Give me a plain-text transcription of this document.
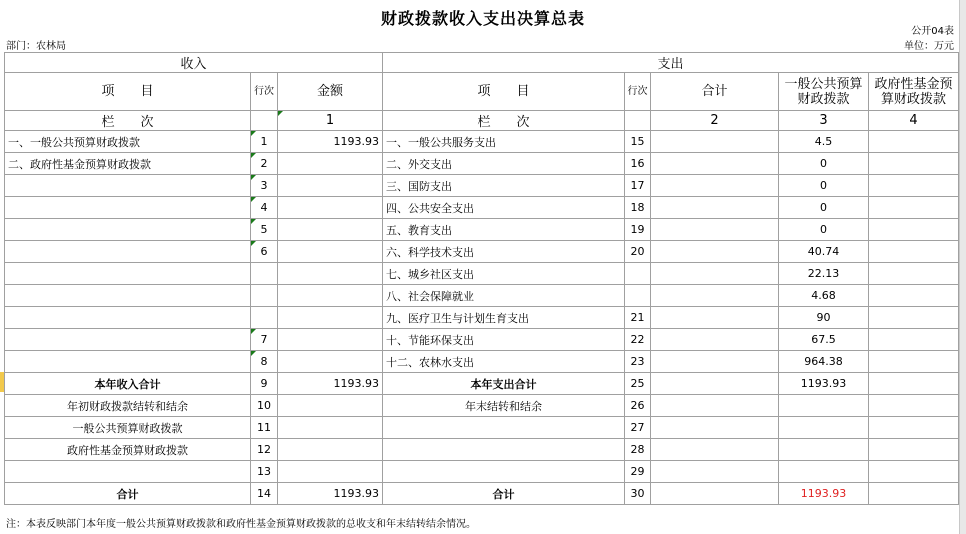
财政拨款收入支出决算总表
公开04表
部门：农林局	单位：万元
收入			支出				
项　　目	行次	金额	项　　目	行次	合计	一般公共预算财政拨款	政府性基金预算财政拨款
栏　　次		1	栏　　次		2	3	4
一、一般公共预算财政拨款	1	1193.93	一、一般公共服务支出	15		4.5	
二、政府性基金预算财政拨款	2		二、外交支出	16		0	
	3		三、国防支出	17		0	
	4		四、公共安全支出	18		0	
	5		五、教育支出	19		0	
	6		六、科学技术支出	20		40.74	
			七、城乡社区支出			22.13	
			八、社会保障就业			4.68	
			九、医疗卫生与计划生育支出	21		90	
	7		十、节能环保支出	22		67.5	
	8		十二、农林水支出	23		964.38	
本年收入合计	9	1193.93	本年支出合计	25		1193.93	
年初财政拨款结转和结余	10		年末结转和结余	26			
一般公共预算财政拨款	11			27			
政府性基金预算财政拨款	12			28			
	13			29			
合计	14	1193.93	合计	30		1193.93	
注：本表反映部门本年度一般公共预算财政拨款和政府性基金预算财政拨款的总收支和年末结转结余情况。
